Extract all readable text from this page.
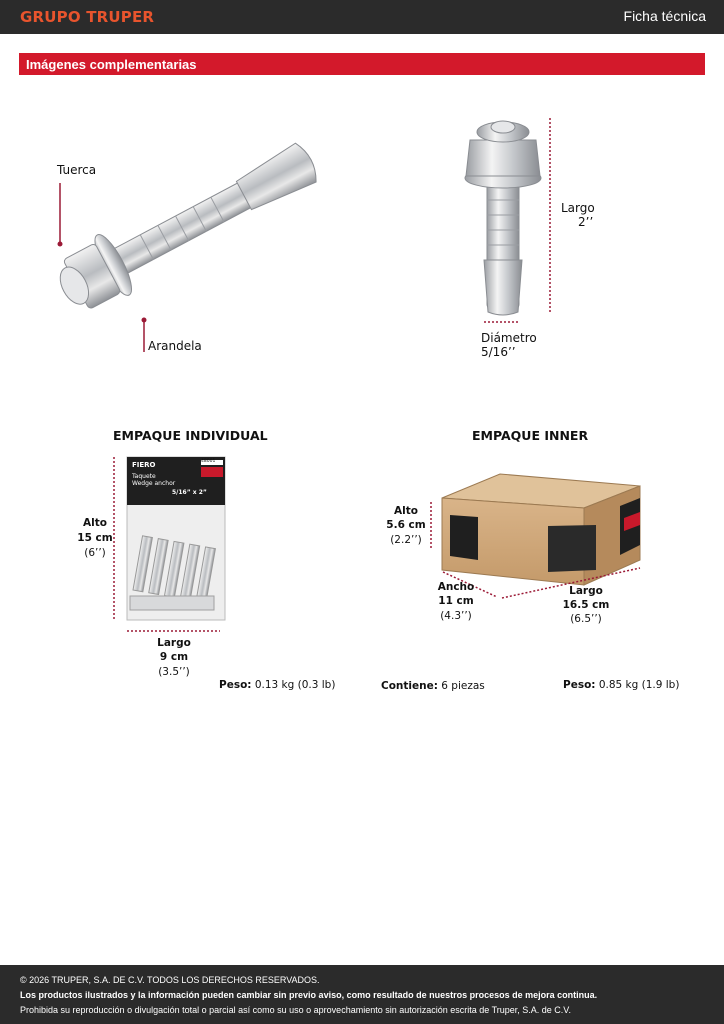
GRUPO TRUPER	Ficha técnica
Imágenes complementarias
FIERO	48001
Taquete
Wedge anchor
5/16” x 2”
Tuerca
Arandela
Largo
2’’
Diámetro
5/16’’
EMPAQUE INDIVIDUAL
Alto
15 cm
(6’’)
Largo
9 cm
(3.5’’)
Peso: 0.13 kg (0.3 lb)
EMPAQUE INNER
Alto
5.6 cm
(2.2’’)
Ancho
11 cm
(4.3’’)
Largo
16.5 cm
(6.5’’)
Contiene: 6 piezas	Peso: 0.85 kg (1.9 lb)
© 2026 TRUPER, S.A. DE C.V. TODOS LOS DERECHOS RESERVADOS.
Los productos ilustrados y la información pueden cambiar sin previo aviso, como resultado de nuestros procesos de mejora continua.
Prohibida su reproducción o divulgación total o parcial así como su uso o aprovechamiento sin autorización escrita de Truper, S.A. de C.V.
